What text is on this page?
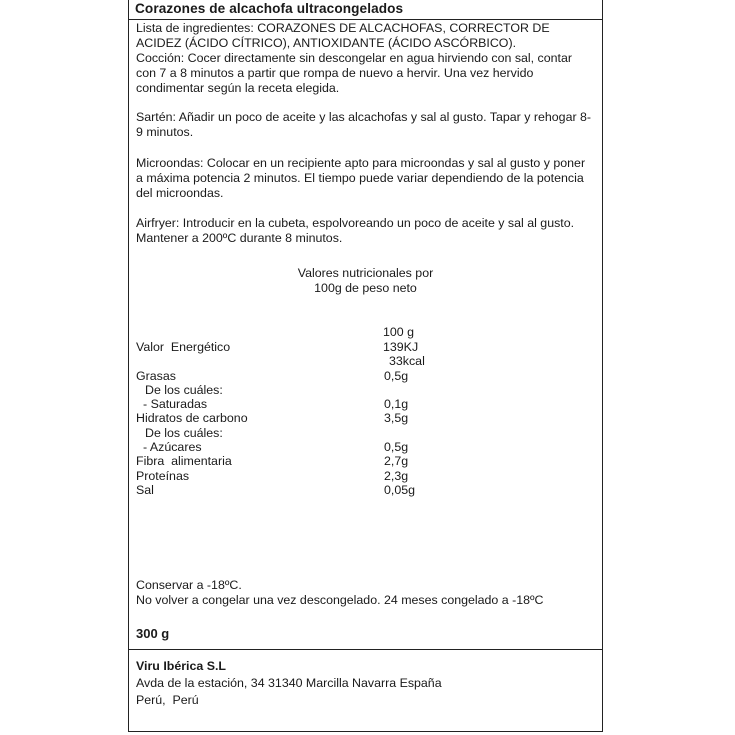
Corazones de alcachofa ultracongelados
Lista de ingredientes: CORAZONES DE ALCACHOFAS, CORRECTOR DE
ACIDEZ (ÁCIDO CÍTRICO), ANTIOXIDANTE (ÁCIDO ASCÓRBICO).
Cocción: Cocer directamente sin descongelar en agua hirviendo con sal, contar
con 7 a 8 minutos a partir que rompa de nuevo a hervir. Una vez hervido
condimentar según la receta elegida.
Sartén: Añadir un poco de aceite y las alcachofas y sal al gusto. Tapar y rehogar 8-
9 minutos.
Microondas: Colocar en un recipiente apto para microondas y sal al gusto y poner
a máxima potencia 2 minutos. El tiempo puede variar dependiendo de la potencia
del microondas.
Airfryer: Introducir en la cubeta, espolvoreando un poco de aceite y sal al gusto.
Mantener a 200ºC durante 8 minutos.
Valores nutricionales por
100g de peso neto
100 g
Valor  Energético	139KJ
33kcal
Grasas	0,5g
De los cuáles:
- Saturadas	0,1g
Hidratos de carbono	3,5g
De los cuáles:
- Azúcares	0,5g
Fibra  alimentaria	2,7g
Proteínas	2,3g
Sal	0,05g
Conservar a -18ºC.
No volver a congelar una vez descongelado. 24 meses congelado a -18ºC
300 g
Viru Ibérica S.L
Avda de la estación, 34 31340 Marcilla Navarra España
Perú,  Perú
